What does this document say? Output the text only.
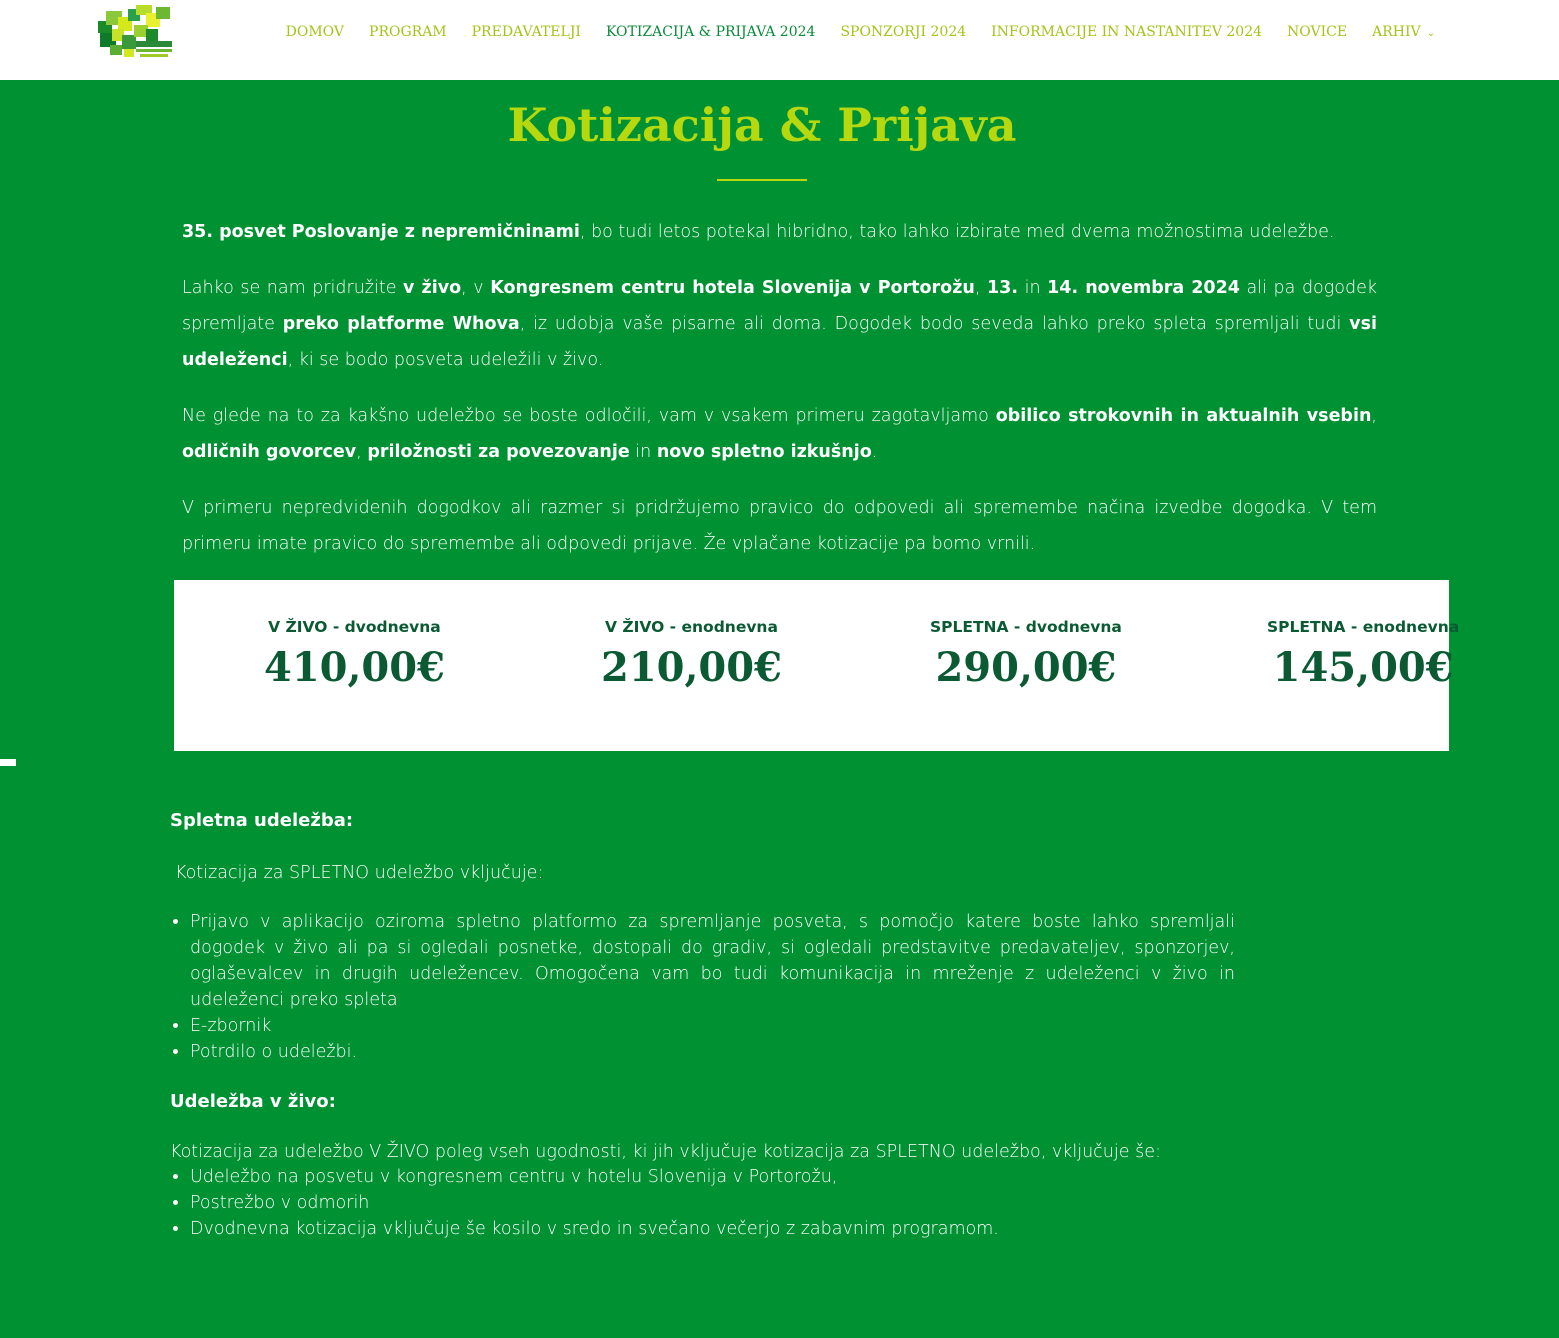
DOMOV PROGRAM PREDAVATELJI KOTIZACIJA & PRIJAVA 2024 SPONZORJI 2024 INFORMACIJE IN NASTANITEV 2024 NOVICE ARHIV ⌄
Kotizacija & Prijava

35. posvet Poslovanje z nepremičninami, bo tudi letos potekal hibridno, tako lahko izbirate med dvema možnostima udeležbe.

Lahko se nam pridružite v živo, v Kongresnem centru hotela Slovenija v Portorožu, 13. in 14. novembra 2024 ali pa dogodek spremljate preko platforme Whova, iz udobja vaše pisarne ali doma. Dogodek bodo seveda lahko preko spleta spremljali tudi vsi udeleženci, ki se bodo posveta udeležili v živo.

Ne glede na to za kakšno udeležbo se boste odločili, vam v vsakem primeru zagotavljamo obilico strokovnih in aktualnih vsebin, odličnih govorcev, priložnosti za povezovanje in novo spletno izkušnjo.

V primeru nepredvidenih dogodkov ali razmer si pridržujemo pravico do odpovedi ali spremembe načina izvedbe dogodka. V tem primeru imate pravico do spremembe ali odpovedi prijave. Že vplačane kotizacije pa bomo vrnili.

V ŽIVO - dvodnevna
410,00€
V ŽIVO - enodnevna
210,00€
SPLETNA - dvodnevna
290,00€
SPLETNA - enodnevna
145,00€
Spletna udeležba:
Kotizacija za SPLETNO udeležbo vključuje:
• Prijavo v aplikacijo oziroma spletno platformo za spremljanje posveta, s pomočjo katere boste lahko spremljali dogodek v živo ali pa si ogledali posnetke, dostopali do gradiv, si ogledali predstavitve predavateljev, sponzorjev, oglaševalcev in drugih udeležencev. Omogočena vam bo tudi komunikacija in mreženje z udeleženci v živo in udeleženci preko spleta
• E-zbornik
• Potrdilo o udeležbi.
Udeležba v živo:
Kotizacija za udeležbo V ŽIVO poleg vseh ugodnosti, ki jih vključuje kotizacija za SPLETNO udeležbo, vključuje še:
• Udeležbo na posvetu v kongresnem centru v hotelu Slovenija v Portorožu,
• Postrežbo v odmorih
• Dvodnevna kotizacija vključuje še kosilo v sredo in svečano večerjo z zabavnim programom.
